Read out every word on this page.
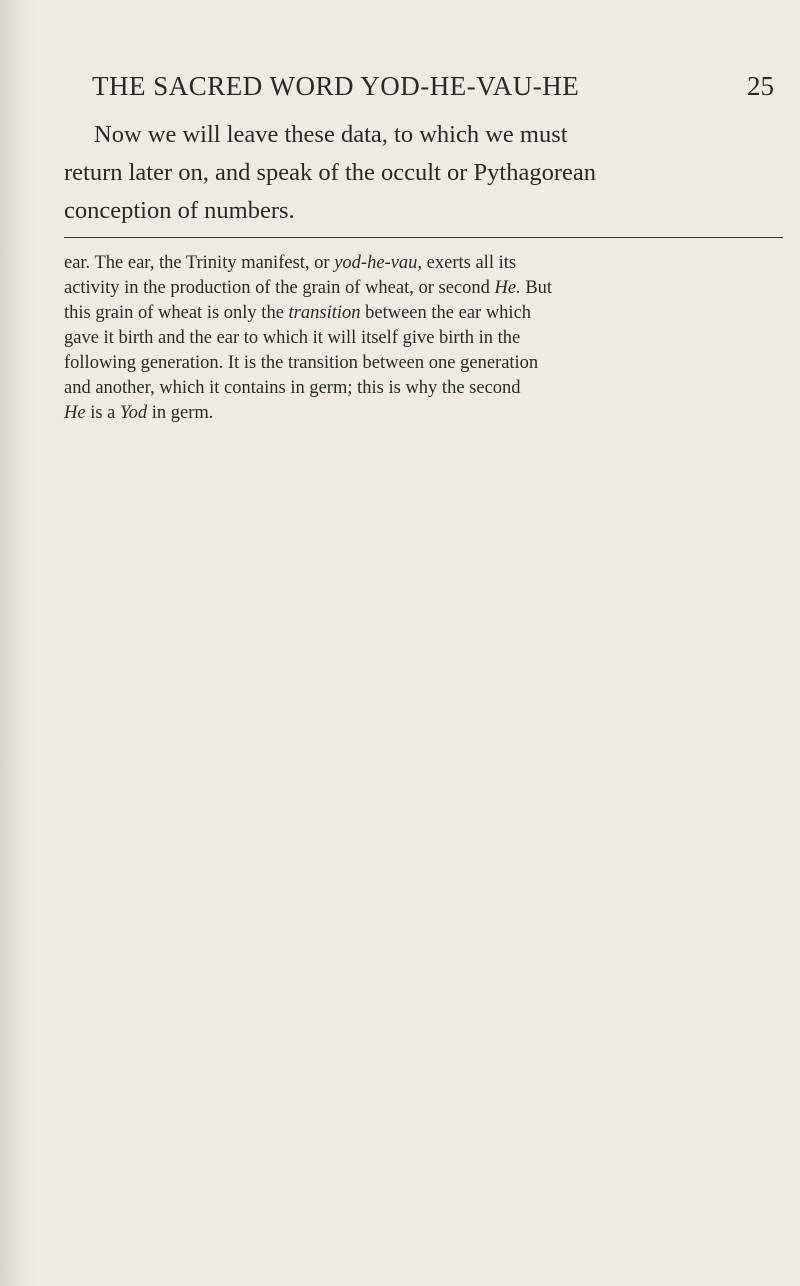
THE SACRED WORD YOD-HE-VAU-HE	25

Now we will leave these data, to which we must
return later on, and speak of the occult or Pythagorean
conception of numbers.

ear. The ear, the Trinity manifest, or yod-he-vau, exerts all its
activity in the production of the grain of wheat, or second He. But
this grain of wheat is only the transition between the ear which
gave it birth and the ear to which it will itself give birth in the
following generation. It is the transition between one generation
and another, which it contains in germ; this is why the second
He is a Yod in germ.
